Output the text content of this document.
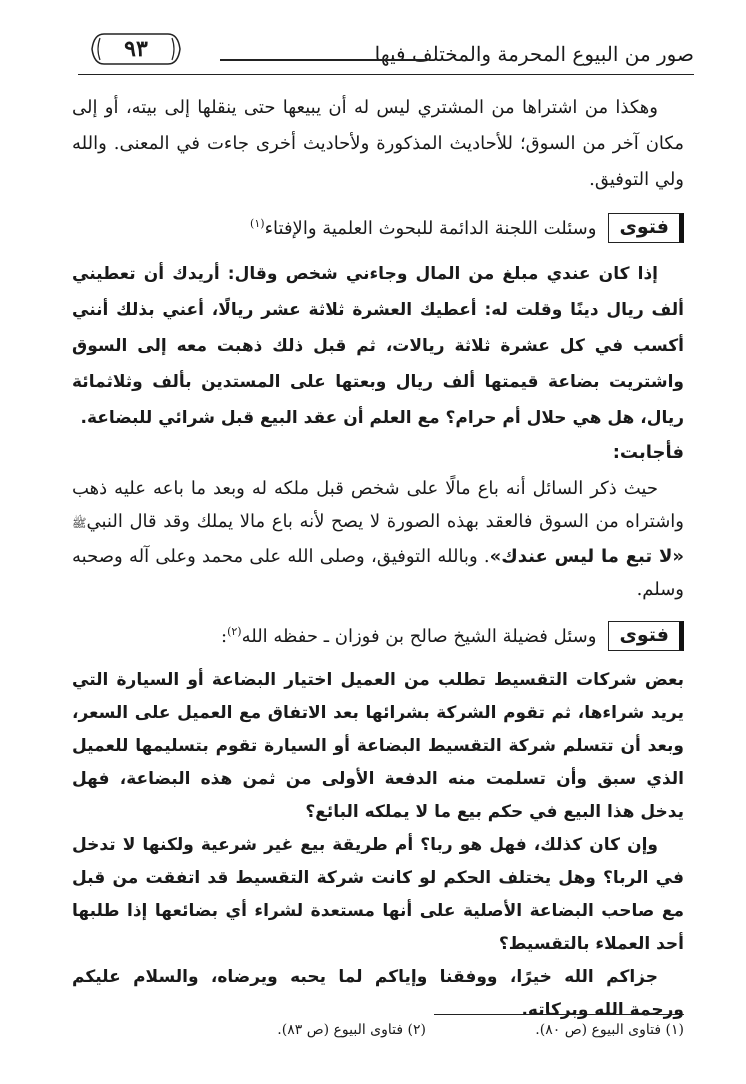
صور من البيوع المحرمة والمختلف فيها
٩٣

وهكذا من اشتراها من المشتري ليس له أن يبيعها حتى ينقلها إلى بيته، أو إلى مكان آخر من السوق؛ للأحاديث المذكورة ولأحاديث أخرى جاءت في المعنى. والله ولي التوفيق.

فتوى
وسئلت اللجنة الدائمة للبحوث العلمية والإفتاء$^{(١)}$

إذا كان عندي مبلغ من المال وجاءني شخص وقال: أريدك أن تعطيني ألف ريال دينًا وقلت له: أعطيك العشرة ثلاثة عشر ريالًا، أعني بذلك أنني أكسب في كل عشرة ثلاثة ريالات، ثم قبل ذلك ذهبت معه إلى السوق واشتريت بضاعة قيمتها ألف ريال وبعتها على المستدين بألف وثلاثمائة ريال، هل هي حلال أم حرام؟ مع العلم أن عقد البيع قبل شرائي للبضاعة.

فأجابت:

حيث ذكر السائل أنه باع مالًا على شخص قبل ملكه له وبعد ما باعه عليه ذهب واشتراه من السوق فالعقد بهذه الصورة لا يصح لأنه باع مالا يملك وقد قال النبيﷺ «لا تبع ما ليس عندك». وبالله التوفيق، وصلى الله على محمد وعلى آله وصحبه وسلم.

فتوى
وسئل فضيلة الشيخ صالح بن فوزان ـ حفظه الله$^{(٢)}$:

بعض شركات التقسيط تطلب من العميل اختيار البضاعة أو السيارة التي يريد شراءها، ثم تقوم الشركة بشرائها بعد الاتفاق مع العميل على السعر، وبعد أن تتسلم شركة التقسيط البضاعة أو السيارة تقوم بتسليمها للعميل الذي سبق وأن تسلمت منه الدفعة الأولى من ثمن هذه البضاعة، فهل يدخل هذا البيع في حكم بيع ما لا يملكه البائع؟

وإن كان كذلك، فهل هو ربا؟ أم طريقة بيع غير شرعية ولكنها لا تدخل في الربا؟ وهل يختلف الحكم لو كانت شركة التقسيط قد اتفقت من قبل مع صاحب البضاعة الأصلية على أنها مستعدة لشراء أي بضائعها إذا طلبها أحد العملاء بالتقسيط؟

جزاكم الله خيرًا، ووفقنا وإياكم لما يحبه ويرضاه، والسلام عليكم ورحمة الله وبركاته.

(١) فتاوى البيوع (ص ٨٠).
(٢) فتاوى البيوع (ص ٨٣).
